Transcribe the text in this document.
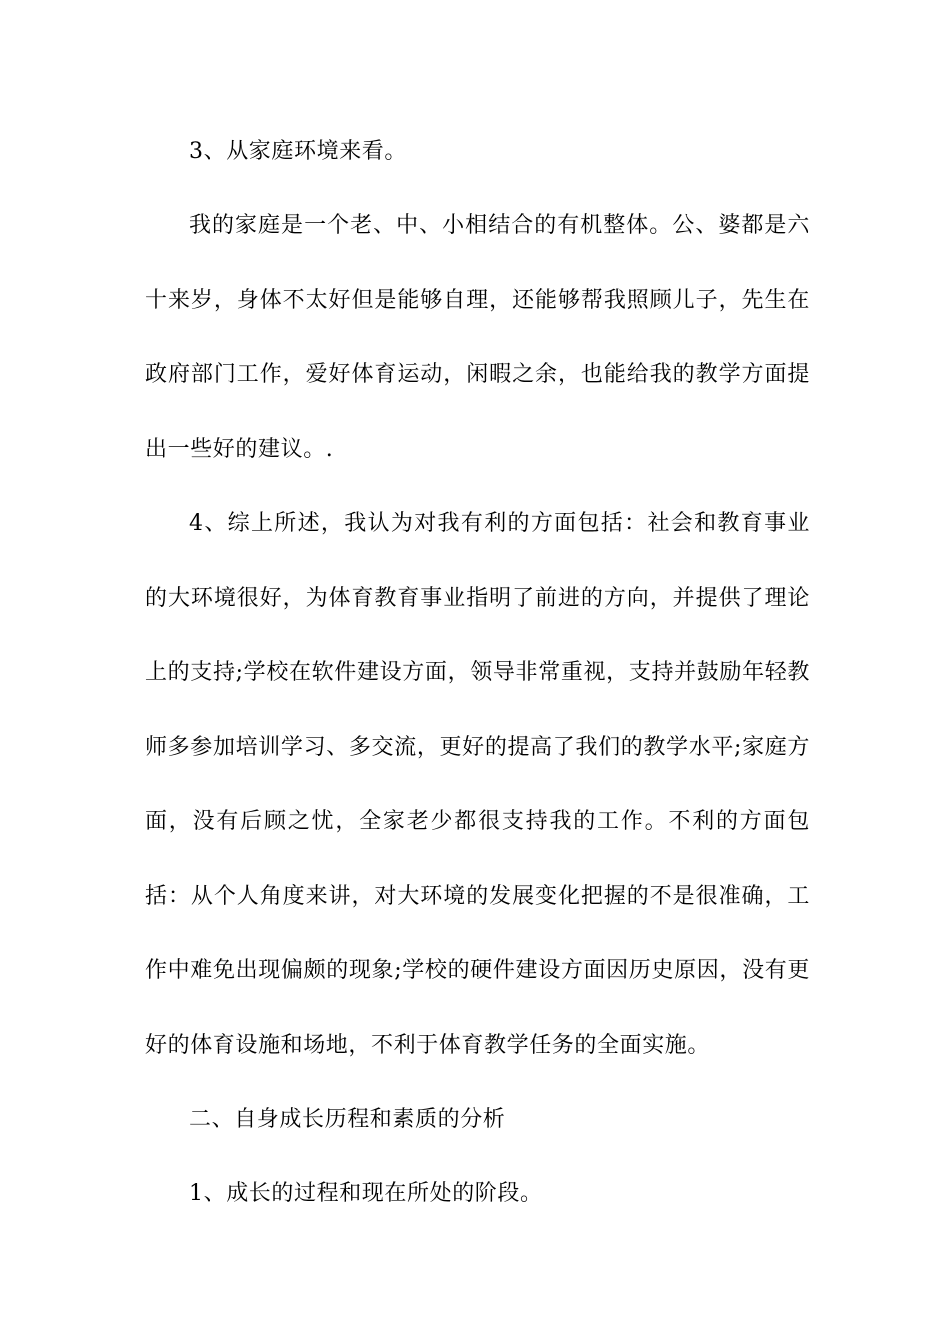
3、从家庭环境来看。

我的家庭是一个老、中、小相结合的有机整体。公、婆都是六十来岁，身体不太好但是能够自理，还能够帮我照顾儿子，先生在政府部门工作，爱好体育运动，闲暇之余，也能给我的教学方面提出一些好的建议。.

4、综上所述，我认为对我有利的方面包括：社会和教育事业的大环境很好，为体育教育事业指明了前进的方向，并提供了理论上的支持;学校在软件建设方面，领导非常重视，支持并鼓励年轻教师多参加培训学习、多交流，更好的提高了我们的教学水平;家庭方面，没有后顾之忧，全家老少都很支持我的工作。不利的方面包括：从个人角度来讲，对大环境的发展变化把握的不是很准确，工作中难免出现偏颇的现象;学校的硬件建设方面因历史原因，没有更好的体育设施和场地，不利于体育教学任务的全面实施。

二、自身成长历程和素质的分析

1、成长的过程和现在所处的阶段。
